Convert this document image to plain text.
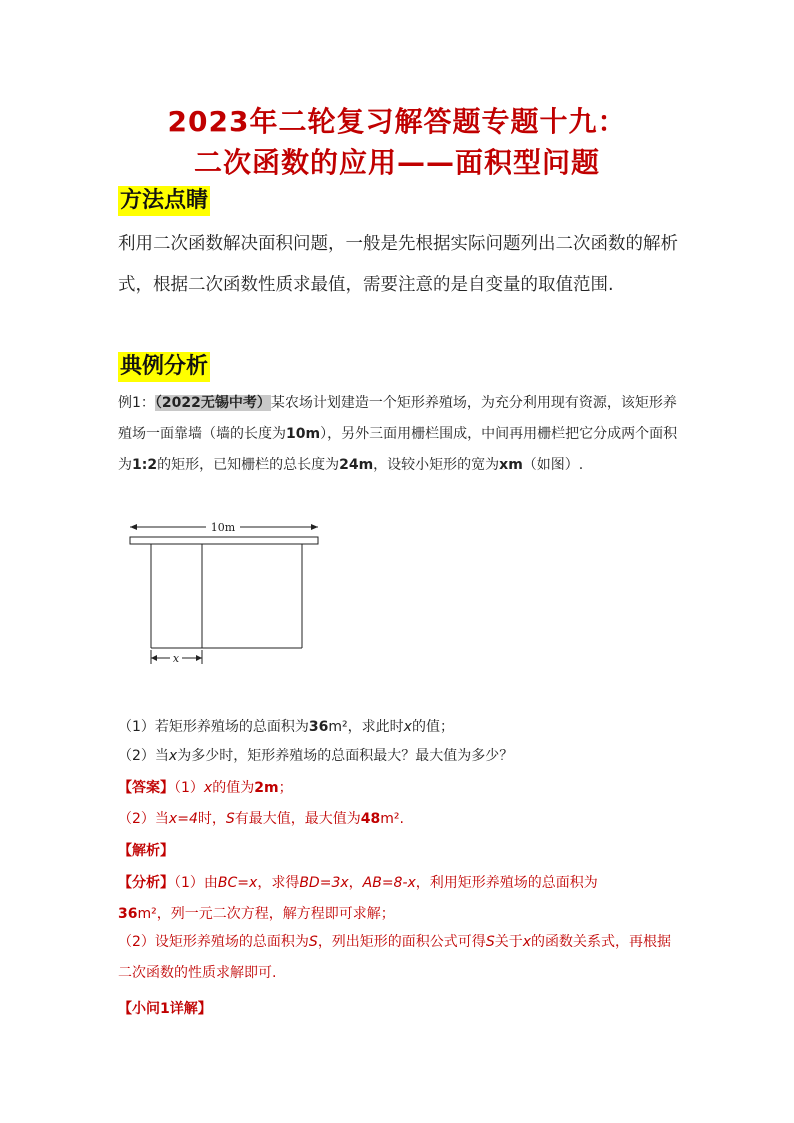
2023年二轮复习解答题专题十九：
二次函数的应用——面积型问题
方法点睛
利用二次函数解决面积问题，一般是先根据实际问题列出二次函数的解析式，根据二次函数性质求最值，需要注意的是自变量的取值范围.
典例分析
例1：（2022无锡中考）某农场计划建造一个矩形养殖场，为充分利用现有资源，该矩形养殖场一面靠墙（墙的长度为10m），另外三面用栅栏围成，中间再用栅栏把它分成两个面积为1:2的矩形，已知栅栏的总长度为24m，设较小矩形的宽为xm（如图）.
10m
x
（1）若矩形养殖场的总面积为36m²，求此时x的值；
（2）当x为多少时，矩形养殖场的总面积最大？最大值为多少？
【答案】（1）x的值为2m；
（2）当x=4时，S有最大值，最大值为48m².
【解析】
【分析】（1）由BC=x，求得BD=3x，AB=8-x，利用矩形养殖场的总面积为
36m²，列一元二次方程，解方程即可求解；
（2）设矩形养殖场的总面积为S，列出矩形的面积公式可得S关于x的函数关系式，再根据二次函数的性质求解即可.
【小问1详解】
